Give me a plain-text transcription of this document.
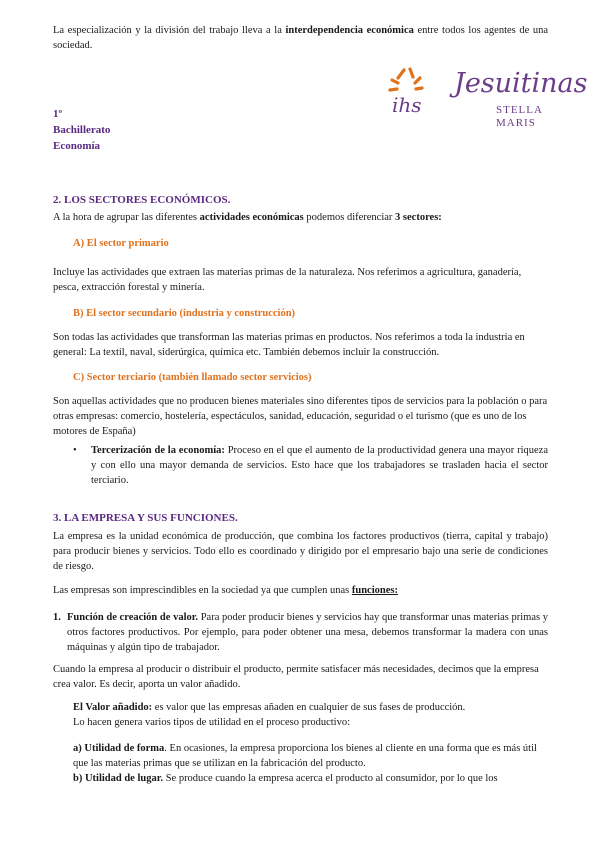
La especialización y la división del trabajo lleva a la interdependencia económica entre todos los agentes de una sociedad.
ihs
Jesuitinas
STELLA MARIS
1º
Bachillerato
Economía
2. LOS SECTORES ECONÓMICOS.
A la hora de agrupar las diferentes actividades económicas podemos diferenciar 3 sectores:
A) El sector primario
Incluye las actividades que extraen las materias primas de la naturaleza. Nos referimos a agricultura, ganadería, pesca, extracción forestal y minería.
B) El sector secundario (industria y construcción)
Son todas las actividades que transforman las materias primas en productos. Nos referimos a toda la industria en general: La textil, naval, siderúrgica, química etc. También debemos incluir la construcción.
C) Sector terciario (también llamado sector servicios)
Son aquellas actividades que no producen bienes materiales sino diferentes tipos de servicios para la población o para otras empresas: comercio, hostelería, espectáculos, sanidad, educación, seguridad o el turismo (que es uno de los motores de España)
• Tercerización de la economía: Proceso en el que el aumento de la productividad genera una mayor riqueza y con ello una mayor demanda de servicios. Esto hace que los trabajadores se trasladen hacia el sector terciario.
3. LA EMPRESA Y SUS FUNCIONES.
La empresa es la unidad económica de producción, que combina los factores productivos (tierra, capital y trabajo) para producir bienes y servicios. Todo ello es coordinado y dirigido por el empresario bajo una serie de condiciones de riesgo.
Las empresas son imprescindibles en la sociedad ya que cumplen unas funciones:
1. Función de creación de valor. Para poder producir bienes y servicios hay que transformar unas materias primas y otros factores productivos. Por ejemplo, para poder obtener una mesa, debemos transformar la madera con unas máquinas y algún tipo de trabajador.
Cuando la empresa al producir o distribuir el producto, permite satisfacer más necesidades, decimos que la empresa crea valor. Es decir, aporta un valor añadido.
El Valor añadido: es valor que las empresas añaden en cualquier de sus fases de producción.
Lo hacen genera varios tipos de utilidad en el proceso productivo:
a) Utilidad de forma. En ocasiones, la empresa proporciona los bienes al cliente en una forma que es más útil que las materias primas que se utilizan en la fabricación del producto.
b) Utilidad de lugar. Se produce cuando la empresa acerca el producto al consumidor, por lo que los
